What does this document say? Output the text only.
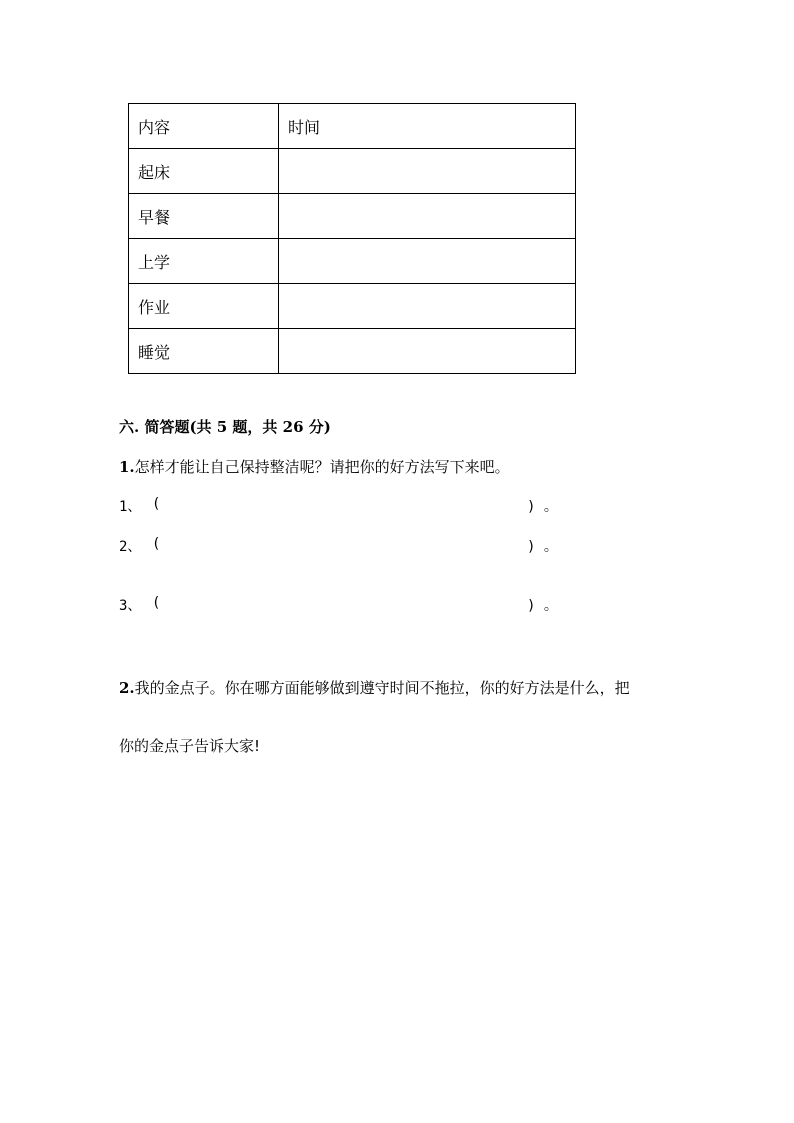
内容	时间
起床	
早餐	
上学	
作业	
睡觉	
六. 简答题(共 5 题，共 26 分)
1.怎样才能让自己保持整洁呢？请把你的好方法写下来吧。
1、 (	) 。
2、 (	) 。
3、 (	) 。
2.我的金点子。你在哪方面能够做到遵守时间不拖拉，你的好方法是什么，把
你的金点子告诉大家!
